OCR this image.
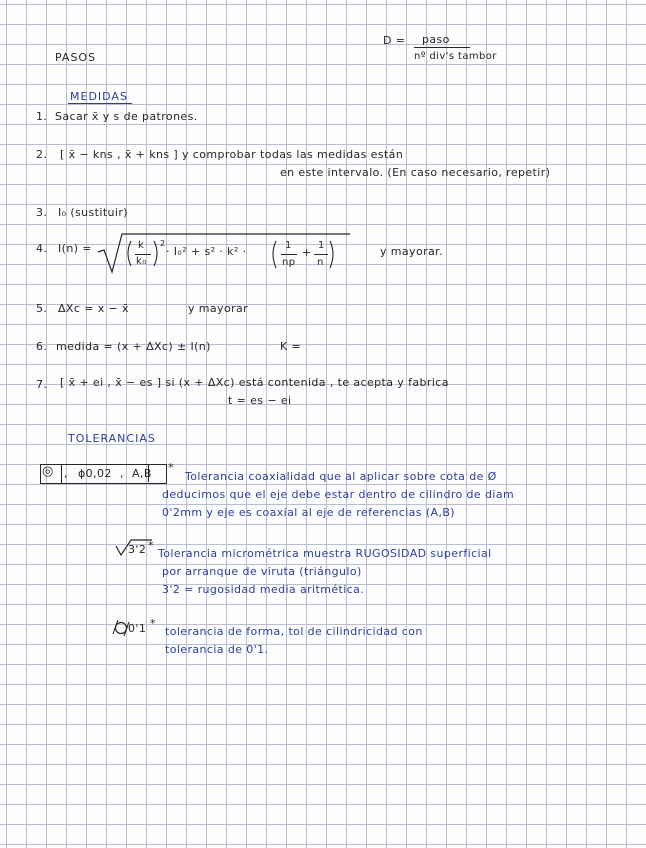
PASOS
D = paso
nº div's tambor
MEDIDAS
1. Sacar x̄ y s de patrones.
2. [ x̄ − kns , x̄ + kns ] y comprobar todas las medidas están
en este intervalo. (En caso necesario, repetir)
3. I₀ (sustituir)
4. I(n) =	k
k₀
$^2$
· I₀² + s² · k² ·	1
np
+
1
n
y mayorar.
5. ΔXc = x − x̄	y mayorar
6. medida = (x + ΔXc) ± I(n)	K =
7. [ x̄ + ei , x̄ − es ] si (x + ΔXc) está contenida , te acepta y fabrica
t = es − ei
TOLERANCIAS
◎ , ϕ0,02 , A,B *
Tolerancia coaxialidad que al aplicar sobre cota de Ø
deducimos que el eje debe estar dentro de cilindro de diam
0'2mm y eje es coaxial al eje de referencias (A,B)
3'2 *
Tolerancia micrométrica muestra RUGOSIDAD superficial
por arranque de viruta (triángulo)
3'2 = rugosidad media aritmética.
0'1 *
tolerancia de forma, tol de cilindricidad con
tolerancia de 0'1.
